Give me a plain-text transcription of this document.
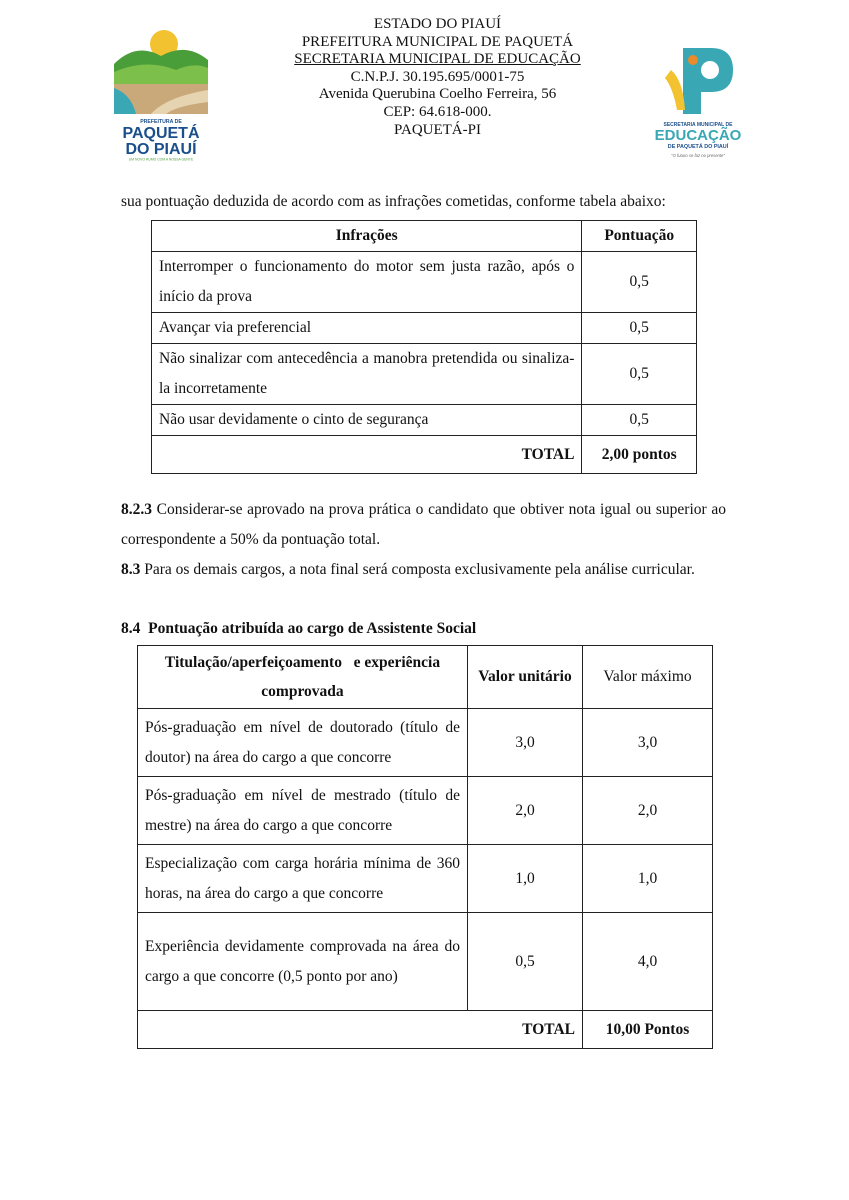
PREFEITURA DE
PAQUETÁ
DO PIAUÍ
UM NOVO RUMO COM A NOSSA GENTE
ESTADO DO PIAUÍ
PREFEITURA MUNICIPAL DE PAQUETÁ
SECRETARIA MUNICIPAL DE EDUCAÇÃO
C.N.P.J. 30.195.695/0001-75
Avenida Querubina Coelho Ferreira, 56
CEP: 64.618-000.
PAQUETÁ-PI	SECRETARIA MUNICIPAL DE
EDUCAÇÃO
DE PAQUETÁ DO PIAUÍ
"O futuro se faz no presente"
sua pontuação deduzida de acordo com as infrações cometidas, conforme tabela abaixo:
Infrações	Pontuação
Interromper o funcionamento do motor sem justa razão, após o início da prova	0,5
Avançar via preferencial	0,5
Não sinalizar com antecedência a manobra pretendida ou sinaliza-la incorretamente	0,5
Não usar devidamente o cinto de segurança	0,5
TOTAL	2,00 pontos
8.2.3 Considerar-se aprovado na prova prática o candidato que obtiver nota igual ou superior ao correspondente a 50% da pontuação total.
8.3 Para os demais cargos, a nota final será composta exclusivamente pela análise curricular.
8.4  Pontuação atribuída ao cargo de Assistente Social
Titulação/aperfeiçoamento   e experiência comprovada	Valor unitário	Valor máximo
Pós-graduação em nível de doutorado (título de doutor) na área do cargo a que concorre	3,0	3,0
Pós-graduação em nível de mestrado (título de mestre) na área do cargo a que concorre	2,0	2,0
Especialização com carga horária mínima de 360 horas, na área do cargo a que concorre	1,0	1,0
Experiência devidamente comprovada na área do cargo a que concorre (0,5 ponto por ano)	0,5	4,0
TOTAL		10,00 Pontos
